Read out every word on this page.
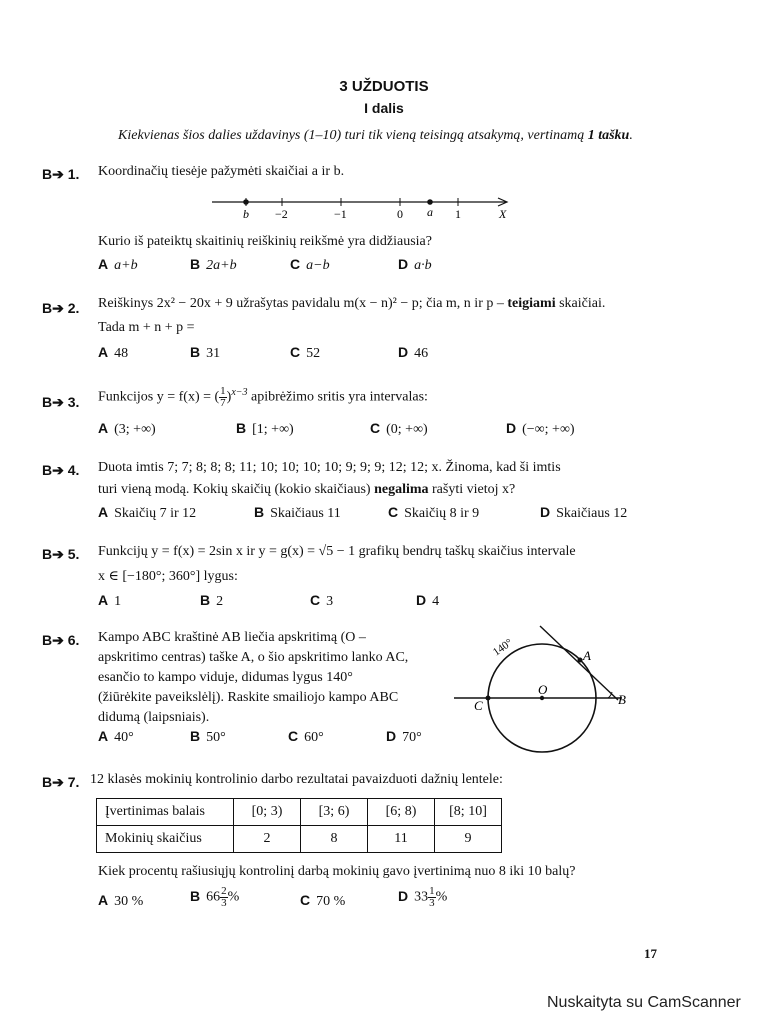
3 UŽDUOTIS
I dalis
Kiekvienas šios dalies uždavinys (1–10) turi tik vieną teisingą atsakymą, vertinamą 1 tašku.
B➔ 1. Koordinačių tiesėje pažymėti skaičiai a ir b.
b −2	−1	0 a 1	X
Kurio iš pateiktų skaitinių reiškinių reikšmė yra didžiausia?
A a+b	B 2a+b	C a−b	D a·b
B➔ 2. Reiškinys 2x² − 20x + 9 užrašytas pavidalu m(x − n)² − p; čia m, n ir p – teigiami skaičiai.
Tada m + n + p =
A 48	B 31	C 52	D 46
B➔ 3. Funkcijos y = f(x) = ( $\frac{1}{7} )^{x-3}$ apibrėžimo sritis yra intervalas:
A (3; +∞)	B [1; +∞)	C (0; +∞)	D (−∞; +∞)
B➔ 4. Duota imtis 7; 7; 8; 8; 8; 11; 10; 10; 10; 10; 9; 9; 9; 12; 12; x. Žinoma, kad ši imtis
turi vieną modą. Kokių skaičių (kokio skaičiaus) negalima rašyti vietoj x?
A Skaičių 7 ir 12	B Skaičiaus 11	C Skaičių 8 ir 9	D Skaičiaus 12
B➔ 5. Funkcijų y = f(x) = 2sin x ir y = g(x) = √5 − 1 grafikų bendrų taškų skaičius intervale
x ∈ [−180°; 360°] lygus:
A 1	B 2	C 3	D 4
B➔ 6. Kampo ABC kraštinė AB liečia apskritimą (O –
apskritimo centras) taške A, o šio apskritimo lanko AC,
esančio to kampo viduje, didumas lygus 140°
(žiūrėkite paveikslėlį). Raskite smailiojo kampo ABC
didumą (laipsniais).
A 40°	B 50°	C 60°	D 70°
140°	A
O
B
C
B➔ 7. 12 klasės mokinių kontrolinio darbo rezultatai pavaizduoti dažnių lentele:
Įvertinimas balais	[0; 3)	[3; 6)	[6; 8)	[8; 10]
Mokinių skaičius	2	8	11	9
Kiek procentų rašiusiųjų kontrolinį darbą mokinių gavo įvertinimą nuo 8 iki 10 balų?
A 30 %	B $66 \frac{2}{3}$ %	C 70 %	D $33 \frac{1}{3}$ %
17
Nuskaityta su CamScanner
